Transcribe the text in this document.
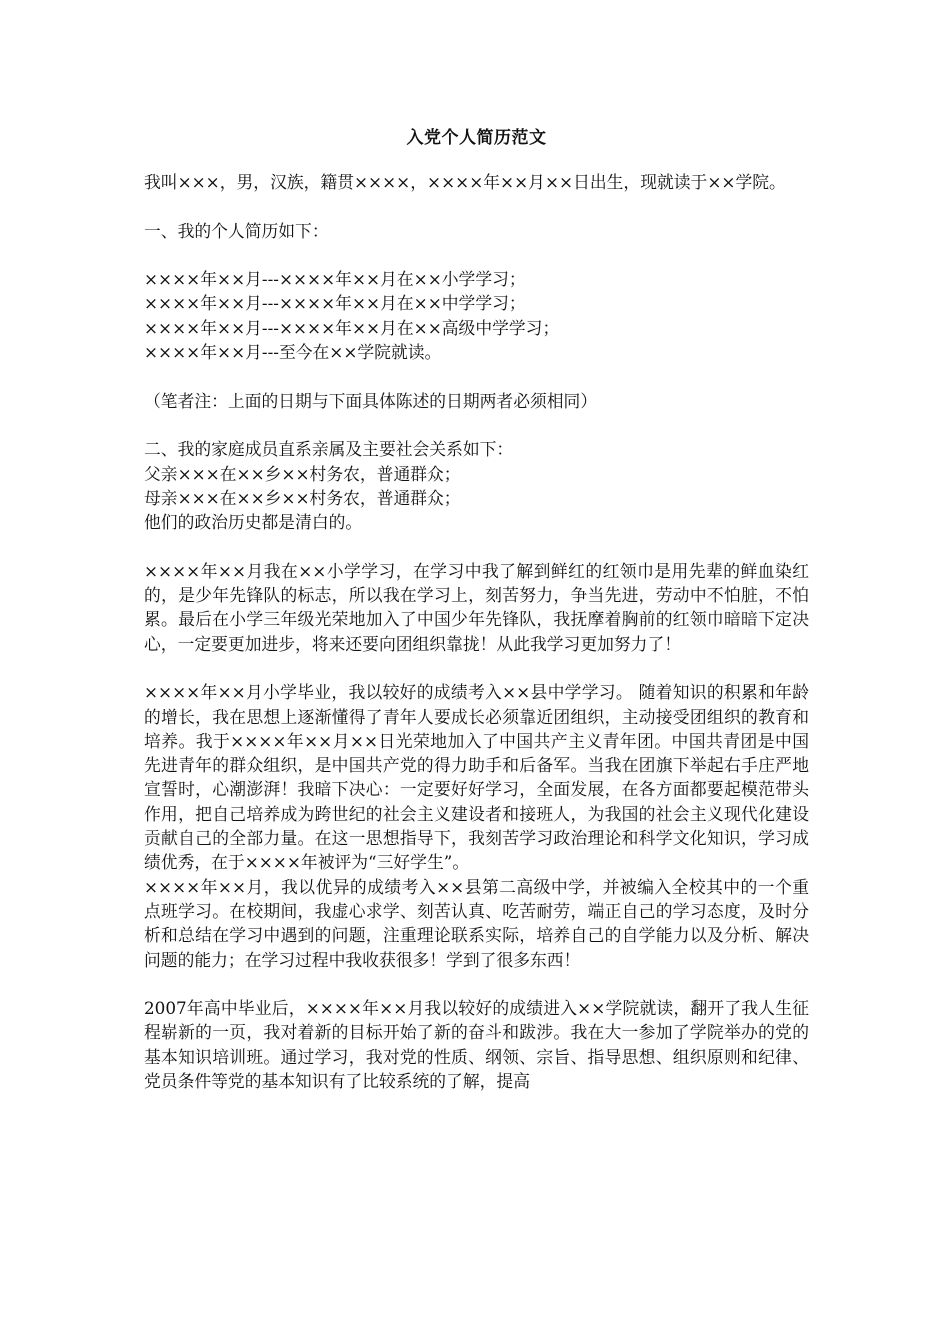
入党个人简历范文

我叫×××，男，汉族，籍贯××××，××××年××月××日出生，现就读于××学院。

一、我的个人简历如下：

××××年××月---××××年××月在××小学学习；
××××年××月---××××年××月在××中学学习；
××××年××月---××××年××月在××高级中学学习；
××××年××月---至今在××学院就读。

（笔者注：上面的日期与下面具体陈述的日期两者必须相同）

二、我的家庭成员直系亲属及主要社会关系如下：
父亲×××在××乡××村务农，普通群众；
母亲×××在××乡××村务农，普通群众；
他们的政治历史都是清白的。

××××年××月我在××小学学习，在学习中我了解到鲜红的红领巾是用先辈的鲜血染红的，是少年先锋队的标志，所以我在学习上，刻苦努力，争当先进，劳动中不怕脏，不怕累。最后在小学三年级光荣地加入了中国少年先锋队，我抚摩着胸前的红领巾暗暗下定决心，一定要更加进步，将来还要向团组织靠拢！从此我学习更加努力了！

××××年××月小学毕业，我以较好的成绩考入××县中学学习。 随着知识的积累和年龄的增长，我在思想上逐渐懂得了青年人要成长必须靠近团组织，主动接受团组织的教育和培养。我于××××年××月××日光荣地加入了中国共产主义青年团。中国共青团是中国先进青年的群众组织，是中国共产党的得力助手和后备军。当我在团旗下举起右手庄严地宣誓时，心潮澎湃！我暗下决心：一定要好好学习，全面发展，在各方面都要起模范带头作用，把自己培养成为跨世纪的社会主义建设者和接班人，为我国的社会主义现代化建设贡献自己的全部力量。在这一思想指导下，我刻苦学习政治理论和科学文化知识，学习成绩优秀，在于××××年被评为“三好学生”。

××××年××月，我以优异的成绩考入××县第二高级中学，并被编入全校其中的一个重点班学习。在校期间，我虚心求学、刻苦认真、吃苦耐劳，端正自己的学习态度，及时分析和总结在学习中遇到的问题，注重理论联系实际，培养自己的自学能力以及分析、解决问题的能力；在学习过程中我收获很多！学到了很多东西！

2007年高中毕业后，××××年××月我以较好的成绩进入××学院就读，翻开了我人生征程崭新的一页，我对着新的目标开始了新的奋斗和跋涉。我在大一参加了学院举办的党的基本知识培训班。通过学习，我对党的性质、纲领、宗旨、指导思想、组织原则和纪律、党员条件等党的基本知识有了比较系统的了解，提高
